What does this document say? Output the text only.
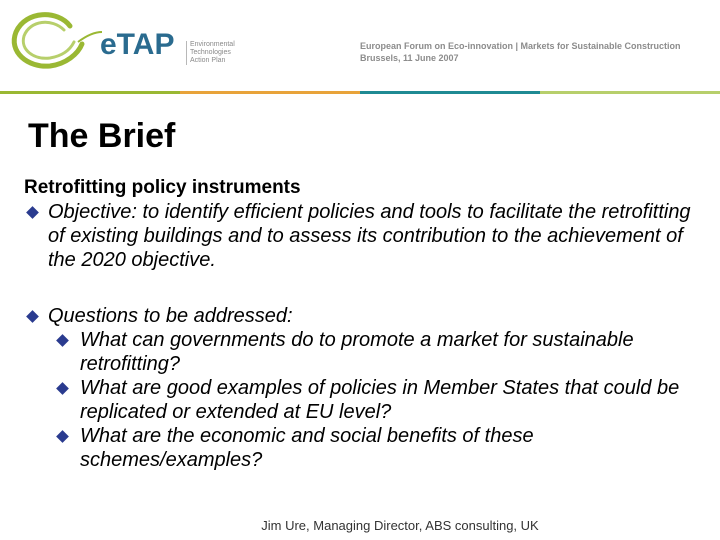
eTAP Environmental
Technologies
Action Plan
European Forum on Eco-innovation | Markets for Sustainable Construction
Brussels, 11 June 2007
The Brief
Retrofitting policy instruments
Objective: to identify efficient policies and tools to facilitate the retrofitting of existing buildings and to assess its contribution to the achievement of the 2020 objective.
Questions to be addressed:
What can governments do to promote a market for sustainable retrofitting?
What are good examples of policies in Member States that could be replicated or extended at EU level?
What are the economic and social benefits of these schemes/examples?
Jim Ure, Managing Director, ABS consulting, UK
